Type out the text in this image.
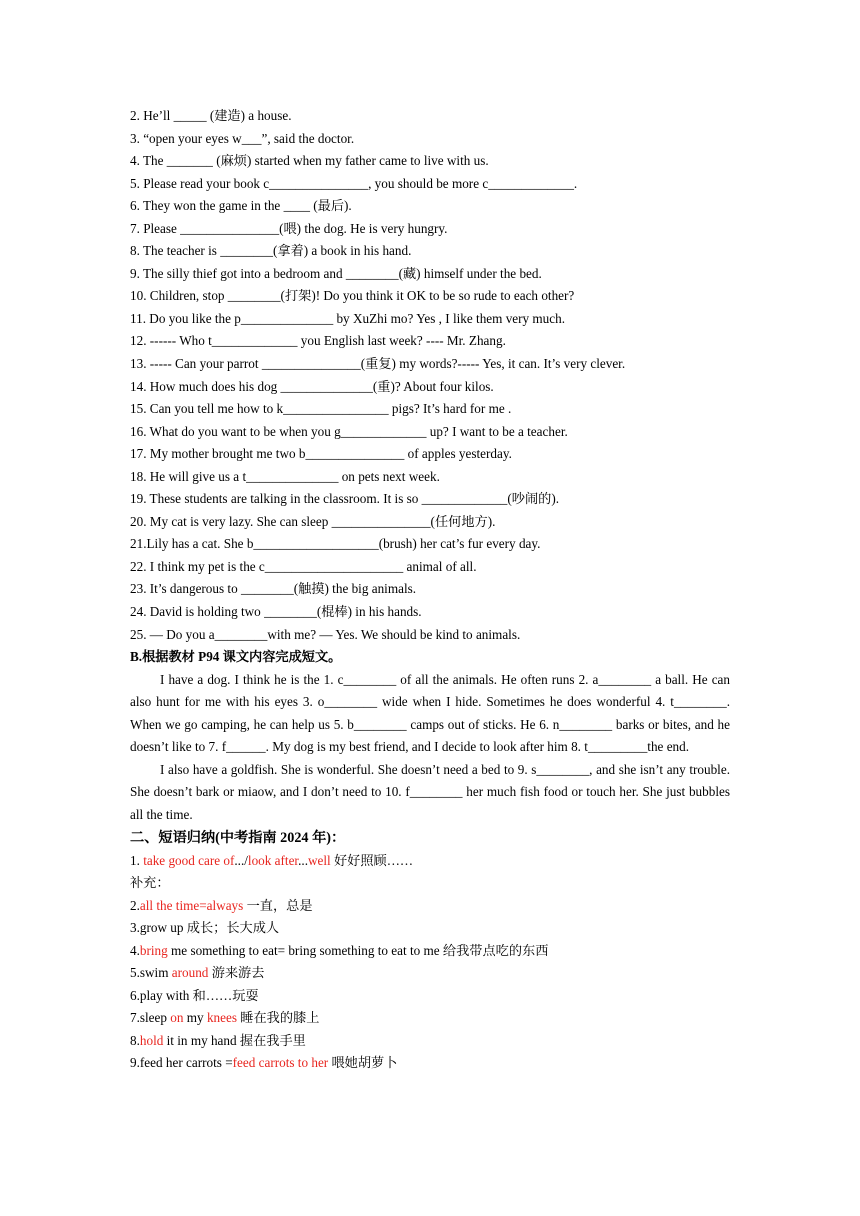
2. He’ll _____ (建造) a house.
3. “open your eyes w___”, said the doctor.
4. The _______ (麻烦) started when my father came to live with us.
5. Please read your book c_______________, you should be more c_____________.
6. They won the game in the ____ (最后).
7. Please _______________(喂) the dog. He is very hungry.
8. The teacher is ________(拿着) a book in his hand.
9. The silly thief got into a bedroom and ________(藏) himself under the bed.
10. Children, stop ________(打架)! Do you think it OK to be so rude to each other?
11. Do you like the p______________ by XuZhi mo? Yes , I like them very much.
12. ------ Who t_____________ you English last week? ---- Mr. Zhang.
13. ----- Can your parrot _______________(重复) my words?----- Yes, it can. It’s very clever.
14. How much does his dog ______________(重)? About four kilos.
15. Can you tell me how to k________________ pigs? It’s hard for me .
16. What do you want to be when you g_____________ up? I want to be a teacher.
17. My mother brought me two b_______________ of apples yesterday.
18. He will give us a t______________ on pets next week.
19. These students are talking in the classroom. It is so _____________(吵闹的).
20. My cat is very lazy. She can sleep _______________(任何地方).
21.Lily has a cat. She b___________________(brush) her cat’s fur every day.
22. I think my pet is the c_____________________ animal of all.
23. It’s dangerous to ________(触摸) the big animals.
24. David is holding two ________(棍棒) in his hands.
25. — Do you a________with me? — Yes. We should be kind to animals.
B.根据教材 P94 课文内容完成短文。
I have a dog. I think he is the 1. c________ of all the animals. He often runs 2. a________ a ball. He can also hunt for me with his eyes 3. o________ wide when I hide. Sometimes he does wonderful 4. t________. When we go camping, he can help us 5. b________ camps out of sticks. He 6. n________ barks or bites, and he doesn’t like to 7. f______. My dog is my best friend, and I decide to look after him 8. t_________the end.
I also have a goldfish. She is wonderful. She doesn’t need a bed to 9. s________, and she isn’t any trouble. She doesn’t bark or miaow, and I don’t need to 10. f________ her much fish food or touch her. She just bubbles all the time.
二、短语归纳(中考指南 2024 年)：
1. take good care of.../look after...well 好好照顾……
补充：
2.all the time=always 一直，总是
3.grow up 成长；长大成人
4.bring me something to eat= bring something to eat to me 给我带点吃的东西
5.swim around 游来游去
6.play with 和……玩耍
7.sleep on my knees 睡在我的膝上
8.hold it in my hand 握在我手里
9.feed her carrots =feed carrots to her 喂她胡萝卜
